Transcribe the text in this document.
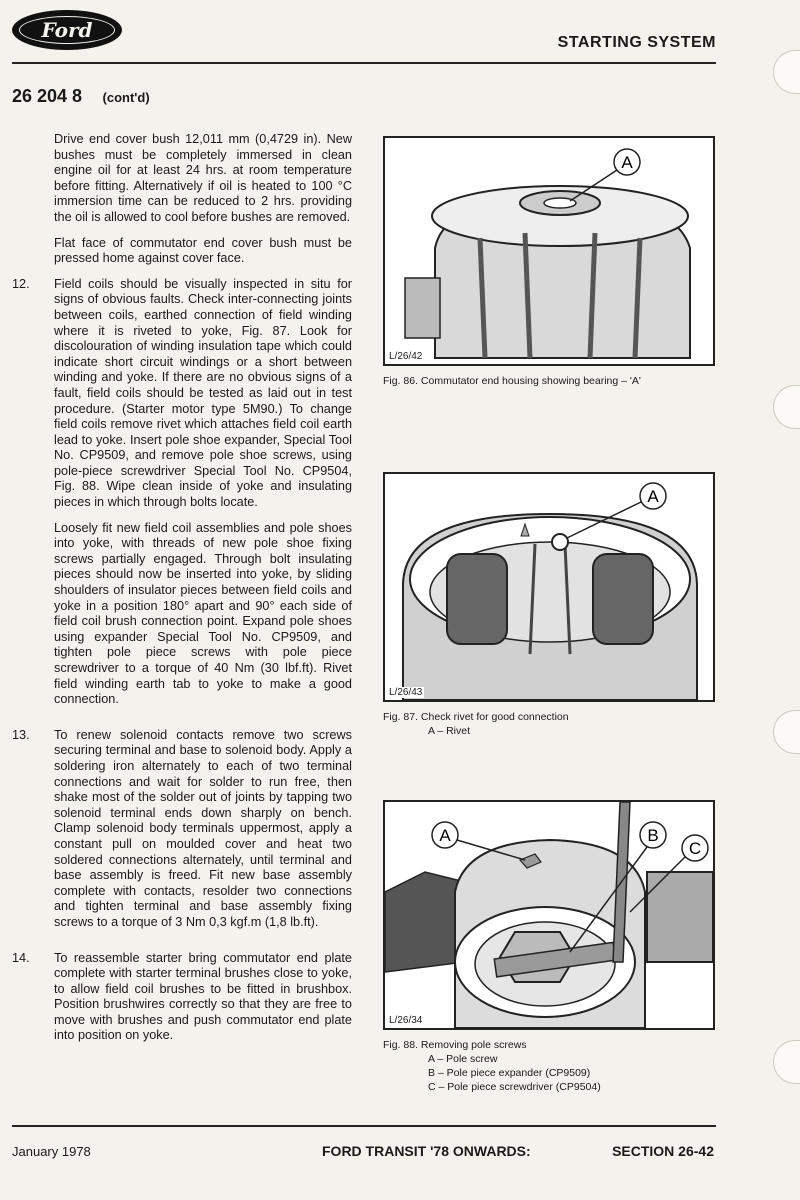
Ford
STARTING SYSTEM
26 204 8 (cont'd)

Drive end cover bush 12,011 mm (0,4729 in). New bushes must be completely immersed in clean engine oil for at least 24 hrs. at room temperature before fitting. Alternatively if oil is heated to 100 °C immersion time can be reduced to 2 hrs. providing the oil is allowed to cool before bushes are removed.

Flat face of commutator end cover bush must be pressed home against cover face.

12.	Field coils should be visually inspected in situ for signs of obvious faults. Check inter-connecting joints between coils, earthed connection of field winding where it is riveted to yoke, Fig. 87. Look for discolouration of winding insulation tape which could indicate short circuit windings or a short between winding and yoke. If there are no obvious signs of a fault, field coils should be tested as laid out in test procedure. (Starter motor type 5M90.) To change field coils remove rivet which attaches field coil earth lead to yoke. Insert pole shoe expander, Special Tool No. CP9509, and remove pole shoe screws, using pole-piece screwdriver Special Tool No. CP9504, Fig. 88. Wipe clean inside of yoke and insulating pieces in which through bolts locate.

Loosely fit new field coil assemblies and pole shoes into yoke, with threads of new pole shoe fixing screws partially engaged. Through bolt insulating pieces should now be inserted into yoke, by sliding shoulders of insulator pieces between field coils and yoke in a position 180° apart and 90° each side of field coil brush connection point. Expand pole shoes using expander Special Tool No. CP9509, and tighten pole piece screws with pole piece screwdriver to a torque of 40 Nm (30 lbf.ft). Rivet field winding earth tab to yoke to make a good connection.

13.	To renew solenoid contacts remove two screws securing terminal and base to solenoid body. Apply a soldering iron alternately to each of two terminal connections and wait for solder to run free, then shake most of the solder out of joints by tapping two solenoid terminal ends down sharply on bench. Clamp solenoid body terminals uppermost, apply a constant pull on moulded cover and heat two soldered connections alternately, until terminal and base assembly is freed. Fit new base assembly complete with contacts, resolder two connections and tighten terminal and base assembly fixing screws to a torque of 3 Nm 0,3 kgf.m (1,8 lb.ft).

14.	To reassemble starter bring commutator end plate complete with starter terminal brushes close to yoke, to allow field coil brushes to be fitted in brushbox. Position brushwires correctly so that they are free to move with brushes and push commutator end plate into position on yoke.

A
L/26/42
Fig. 86. Commutator end housing showing bearing – 'A'
A
L/26/43
Fig. 87. Check rivet for good connection
A – Rivet
A	B
C
L/26/34
Fig. 88. Removing pole screws
A – Pole screw
B – Pole piece expander (CP9509)
C – Pole piece screwdriver (CP9504)
January 1978	FORD TRANSIT '78 ONWARDS:	SECTION 26-42
